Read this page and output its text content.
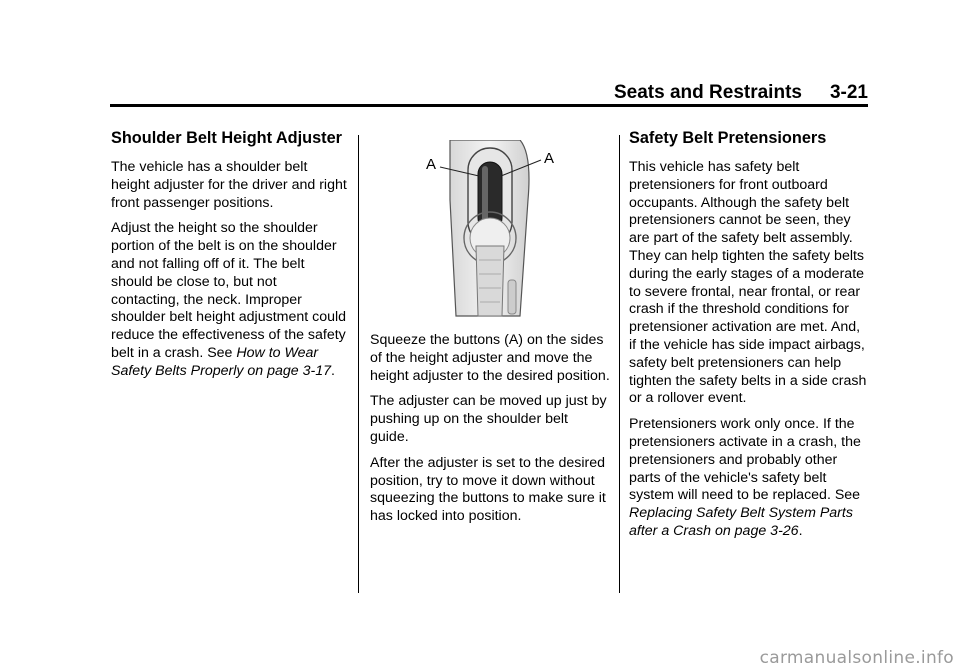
Seats and Restraints 3-21
Shoulder Belt Height Adjuster

The vehicle has a shoulder belt height adjuster for the driver and right front passenger positions.

Adjust the height so the shoulder portion of the belt is on the shoulder and not falling off of it. The belt should be close to, but not contacting, the neck. Improper shoulder belt height adjustment could reduce the effectiveness of the safety belt in a crash. See How to Wear Safety Belts Properly on page 3-17.

A	A

Squeeze the buttons (A) on the sides of the height adjuster and move the height adjuster to the desired position.

The adjuster can be moved up just by pushing up on the shoulder belt guide.

After the adjuster is set to the desired position, try to move it down without squeezing the buttons to make sure it has locked into position.

Safety Belt Pretensioners

This vehicle has safety belt pretensioners for front outboard occupants. Although the safety belt pretensioners cannot be seen, they are part of the safety belt assembly. They can help tighten the safety belts during the early stages of a moderate to severe frontal, near frontal, or rear crash if the threshold conditions for pretensioner activation are met. And, if the vehicle has side impact airbags, safety belt pretensioners can help tighten the safety belts in a side crash or a rollover event.

Pretensioners work only once. If the pretensioners activate in a crash, the pretensioners and probably other parts of the vehicle's safety belt system will need to be replaced. See Replacing Safety Belt System Parts after a Crash on page 3-26.

carmanualsonline.info
